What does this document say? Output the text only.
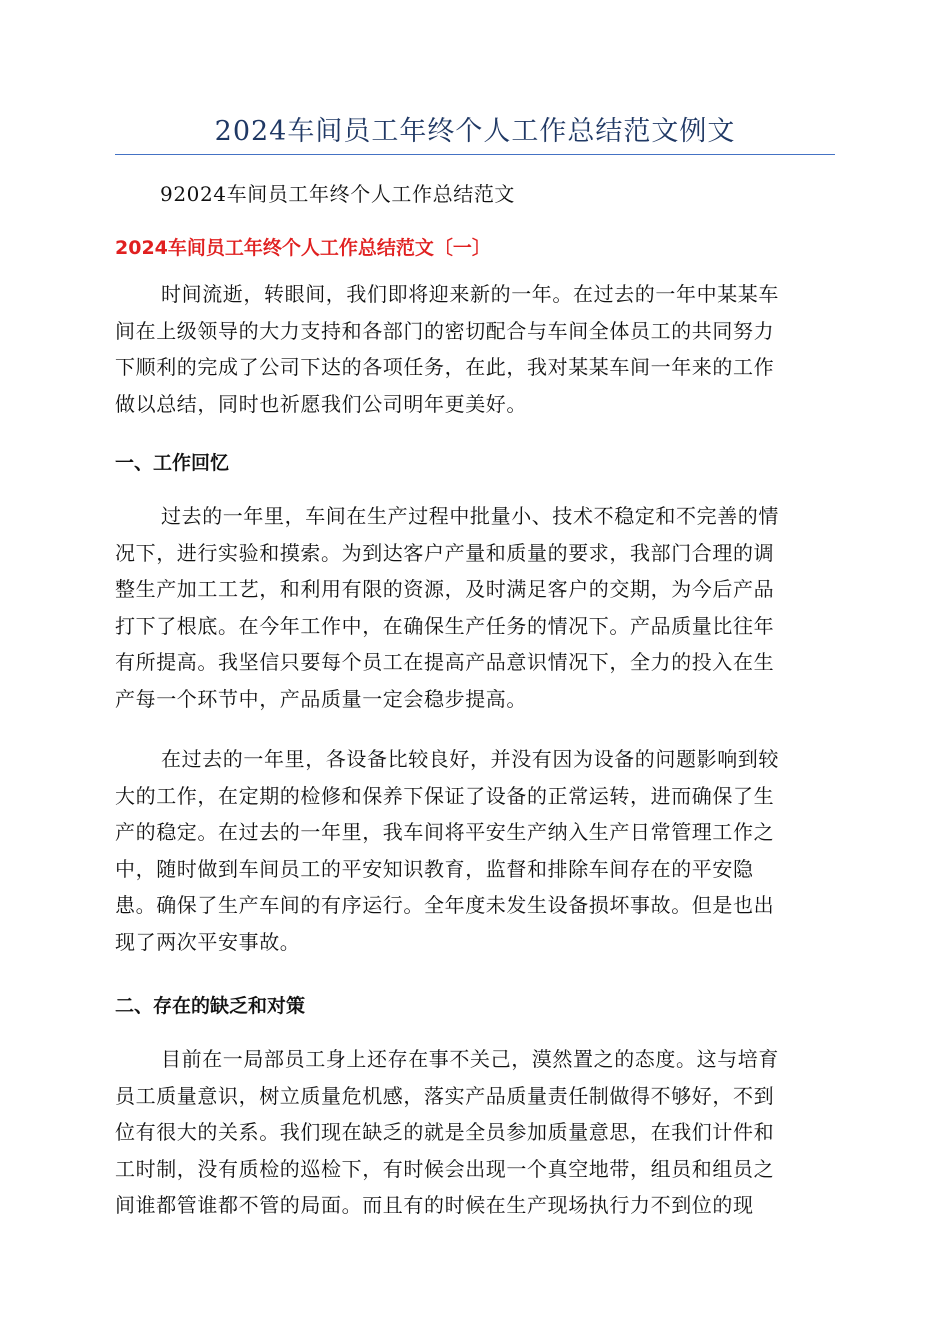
2024车间员工年终个人工作总结范文例文
92024车间员工年终个人工作总结范文
2024车间员工年终个人工作总结范文〔一〕
时间流逝，转眼间，我们即将迎来新的一年。在过去的一年中某某车
间在上级领导的大力支持和各部门的密切配合与车间全体员工的共同努力
下顺利的完成了公司下达的各项任务，在此，我对某某车间一年来的工作
做以总结，同时也祈愿我们公司明年更美好。
一、工作回忆
过去的一年里，车间在生产过程中批量小、技术不稳定和不完善的情
况下，进行实验和摸索。为到达客户产量和质量的要求，我部门合理的调
整生产加工工艺，和利用有限的资源，及时满足客户的交期，为今后产品
打下了根底。在今年工作中，在确保生产任务的情况下。产品质量比往年
有所提高。我坚信只要每个员工在提高产品意识情况下，全力的投入在生
产每一个环节中，产品质量一定会稳步提高。
在过去的一年里，各设备比较良好，并没有因为设备的问题影响到较
大的工作，在定期的检修和保养下保证了设备的正常运转，进而确保了生
产的稳定。在过去的一年里，我车间将平安生产纳入生产日常管理工作之
中，随时做到车间员工的平安知识教育，监督和排除车间存在的平安隐
患。确保了生产车间的有序运行。全年度未发生设备损坏事故。但是也出
现了两次平安事故。
二、存在的缺乏和对策
目前在一局部员工身上还存在事不关己，漠然置之的态度。这与培育
员工质量意识，树立质量危机感，落实产品质量责任制做得不够好，不到
位有很大的关系。我们现在缺乏的就是全员参加质量意思，在我们计件和
工时制，没有质检的巡检下，有时候会出现一个真空地带，组员和组员之
间谁都管谁都不管的局面。而且有的时候在生产现场执行力不到位的现
